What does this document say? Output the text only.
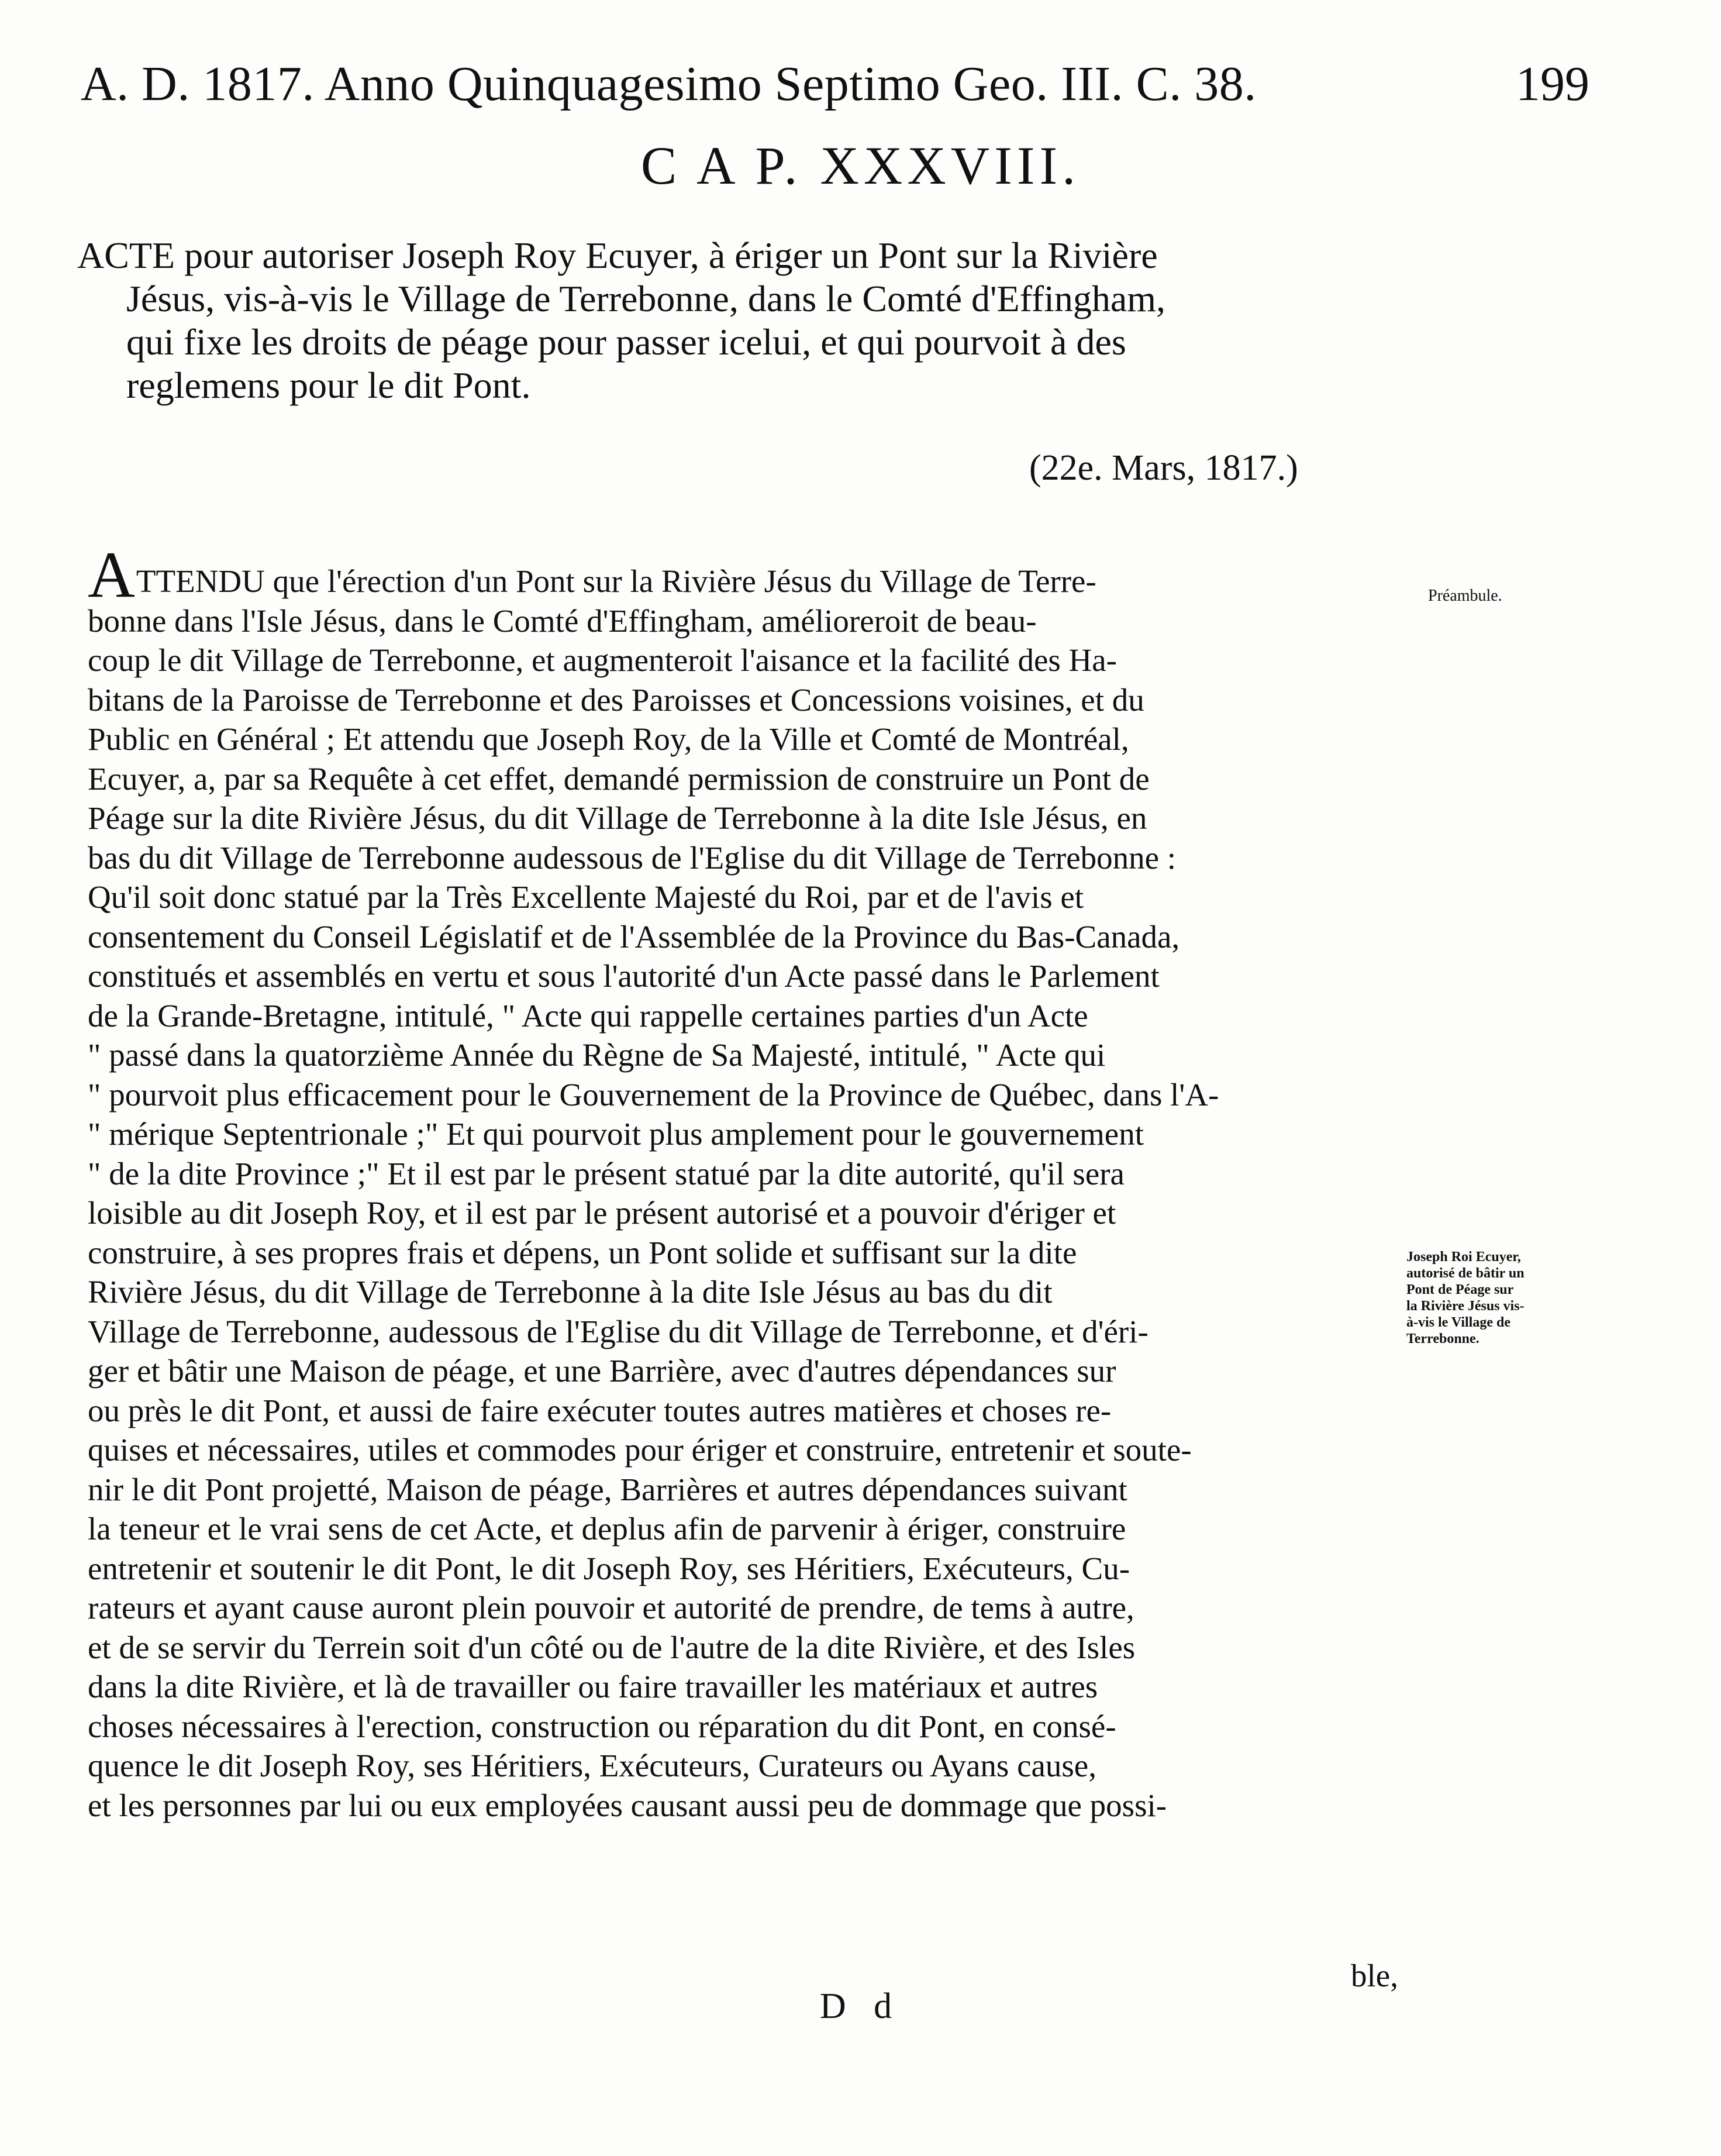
A. D. 1817. Anno Quinquagesimo Septimo Geo. III. C. 38.	199
C A P. XXXVIII.
ACTE pour autoriser Joseph Roy Ecuyer, à ériger un Pont sur la Rivière
Jésus, vis-à-vis le Village de Terrebonne, dans le Comté d'Effingham,
qui fixe les droits de péage pour passer icelui, et qui pourvoit à des
reglemens pour le dit Pont.
(22e. Mars, 1817.)
ATTENDU que l'érection d'un Pont sur la Rivière Jésus du Village de Terre-
bonne dans l'Isle Jésus, dans le Comté d'Effingham, amélioreroit de beau-
coup le dit Village de Terrebonne, et augmenteroit l'aisance et la facilité des Ha-
bitans de la Paroisse de Terrebonne et des Paroisses et Concessions voisines, et du
Public en Général ; Et attendu que Joseph Roy, de la Ville et Comté de Montréal,
Ecuyer, a, par sa Requête à cet effet, demandé permission de construire un Pont de
Péage sur la dite Rivière Jésus, du dit Village de Terrebonne à la dite Isle Jésus, en
bas du dit Village de Terrebonne audessous de l'Eglise du dit Village de Terrebonne :
Qu'il soit donc statué par la Très Excellente Majesté du Roi, par et de l'avis et
consentement du Conseil Législatif et de l'Assemblée de la Province du Bas-Canada,
constitués et assemblés en vertu et sous l'autorité d'un Acte passé dans le Parlement
de la Grande-Bretagne, intitulé, " Acte qui rappelle certaines parties d'un Acte
" passé dans la quatorzième Année du Règne de Sa Majesté, intitulé, " Acte qui
" pourvoit plus efficacement pour le Gouvernement de la Province de Québec, dans l'A-
" mérique Septentrionale ;" Et qui pourvoit plus amplement pour le gouvernement
" de la dite Province ;" Et il est par le présent statué par la dite autorité, qu'il sera
loisible au dit Joseph Roy, et il est par le présent autorisé et a pouvoir d'ériger et
construire, à ses propres frais et dépens, un Pont solide et suffisant sur la dite
Rivière Jésus, du dit Village de Terrebonne à la dite Isle Jésus au bas du dit
Village de Terrebonne, audessous de l'Eglise du dit Village de Terrebonne, et d'éri-
ger et bâtir une Maison de péage, et une Barrière, avec d'autres dépendances sur
ou près le dit Pont, et aussi de faire exécuter toutes autres matières et choses re-
quises et nécessaires, utiles et commodes pour ériger et construire, entretenir et soute-
nir le dit Pont projetté, Maison de péage, Barrières et autres dépendances suivant
la teneur et le vrai sens de cet Acte, et deplus afin de parvenir à ériger, construire
entretenir et soutenir le dit Pont, le dit Joseph Roy, ses Héritiers, Exécuteurs, Cu-
rateurs et ayant cause auront plein pouvoir et autorité de prendre, de tems à autre,
et de se servir du Terrein soit d'un côté ou de l'autre de la dite Rivière, et des Isles
dans la dite Rivière, et là de travailler ou faire travailler les matériaux et autres
choses nécessaires à l'erection, construction ou réparation du dit Pont, en consé-
quence le dit Joseph Roy, ses Héritiers, Exécuteurs, Curateurs ou Ayans cause,
et les personnes par lui ou eux employées causant aussi peu de dommage que possi-
ble,
Préambule.
Joseph Roi Ecuyer,
autorisé de bâtir un
Pont de Péage sur
la Rivière Jésus vis-
à-vis le Village de
Terrebonne.
D d
